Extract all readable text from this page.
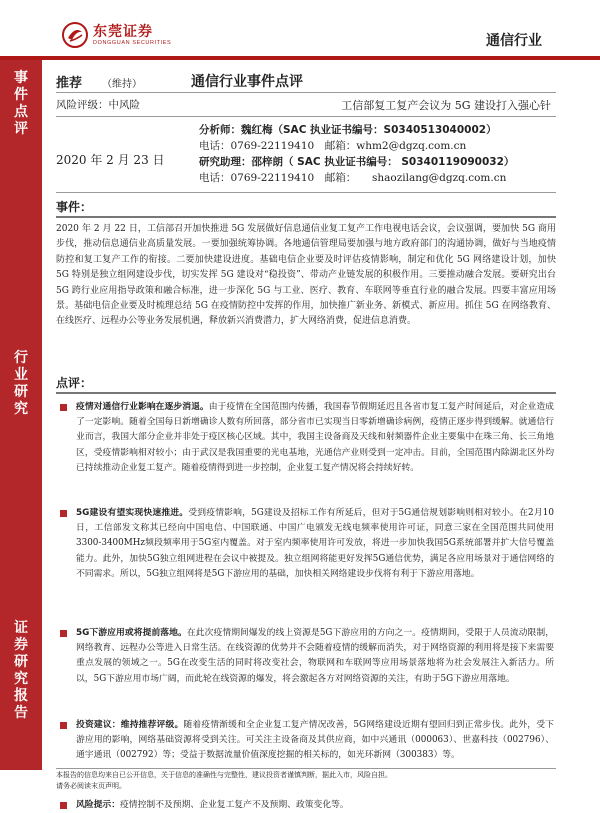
东莞证券
DONGGUAN SECURITIES	通信行业
事
件
点
评
行
业
研
究
证
券
研
究
报
告
推荐 （维持）	通信行业事件点评
风险评级：中风险	工信部复工复产会议为 5G 建设打入强心针
2020 年 2 月 23 日
分析师：魏红梅（SAC 执业证书编号：S0340513040002）
电话：0769-22119410　邮箱：whm2@dgzq.com.cn
研究助理：邵梓朗（ SAC 执业证书编号： S0340119090032）
电话：0769-22119410　邮箱：　　shaozilang@dgzq.com.cn
事件：
2020 年 2 月 22 日，工信部召开加快推进 5G 发展做好信息通信业复工复产工作电视电话会议，会议强调，要加快 5G 商用步伐，推动信息通信业高质量发展。一要加强统筹协调。各地通信管理局要加强与地方政府部门的沟通协调，做好与当地疫情防控和复工复产工作的衔接。二要加快建设进度。基础电信企业要及时评估疫情影响，制定和优化 5G 网络建设计划，加快 5G 特别是独立组网建设步伐，切实发挥 5G 建设对“稳投资”、带动产业链发展的积极作用。三要推动融合发展。要研究出台 5G 跨行业应用指导政策和融合标准，进一步深化 5G 与工业、医疗、教育、车联网等垂直行业的融合发展。四要丰富应用场景。基础电信企业要及时梳理总结 5G 在疫情防控中发挥的作用，加快推广新业务、新模式、新应用。抓住 5G 在网络教育、在线医疗、远程办公等业务发展机遇，释放新兴消费潜力，扩大网络消费，促进信息消费。
点评：
疫情对通信行业影响在逐步消退。由于疫情在全国范围内传播，我国春节假期延迟且各省市复工复产时间延后，对企业造成了一定影响。随着全国每日新增确诊人数有所回落，部分省市已实现当日零新增确诊病例，疫情正逐步得到缓解。就通信行业而言，我国大部分企业并非处于疫区核心区域。其中，我国主设备商及天线和射频器件企业主要集中在珠三角、长三角地区，受疫情影响相对较小；由于武汉是我国重要的光电基地，光通信产业则受到一定冲击。目前，全国范围内除湖北区外均已持续推动企业复工复产。随着疫情得到进一步控制，企业复工复产情况将会持续好转。
5G建设有望实现快速推进。受到疫情影响，5G建设及招标工作有所延后，但对于5G通信规划影响则相对较小。在2月10日，工信部发文称其已经向中国电信、中国联通、中国广电颁发无线电频率使用许可证，同意三家在全国范围共同使用3300-3400MHz频段频率用于5G室内覆盖。对于室内频率使用许可发放，将进一步加快我国5G系统部署并扩大信号覆盖能力。此外，加快5G独立组网进程在会议中被提及。独立组网将能更好发挥5G通信优势，满足各应用场景对于通信网络的不同需求。所以，5G独立组网将是5G下游应用的基础，加快相关网络建设步伐将有利于下游应用落地。
5G下游应用或将提前落地。在此次疫情期间爆发的线上资源是5G下游应用的方向之一。疫情期间，受限于人员流动限制，网络教育、远程办公等进入日常生活。在线资源的优势并不会随着疫情的缓解而消失，对于网络资源的利用将是接下来需要重点发展的领域之一。5G在改变生活的同时将改变社会，物联网和车联网等应用场景落地将为社会发展注入新活力。所以，5G下游应用市场广阔，而此轮在线资源的爆发，将会激起各方对网络资源的关注，有助于5G下游应用落地。
投资建议：维持推荐评级。随着疫情渐缓和全企业复工复产情况改善，5G网络建设近期有望回归到正常步伐。此外，受下游应用的影响，网络基础资源将受到关注。可关注主设备商及其供应商，如中兴通讯（000063）、世嘉科技（002796）、通宇通讯（002792）等；受益于数据流量价值深度挖掘的相关标的，如光环新网（300383）等。
风险提示：疫情控制不及预期、企业复工复产不及预期、政策变化等。
本报告的信息均来自已公开信息，关于信息的准确性与完整性，建议投资者谨慎判断，据此入市，风险自担。
请务必阅读末页声明。
